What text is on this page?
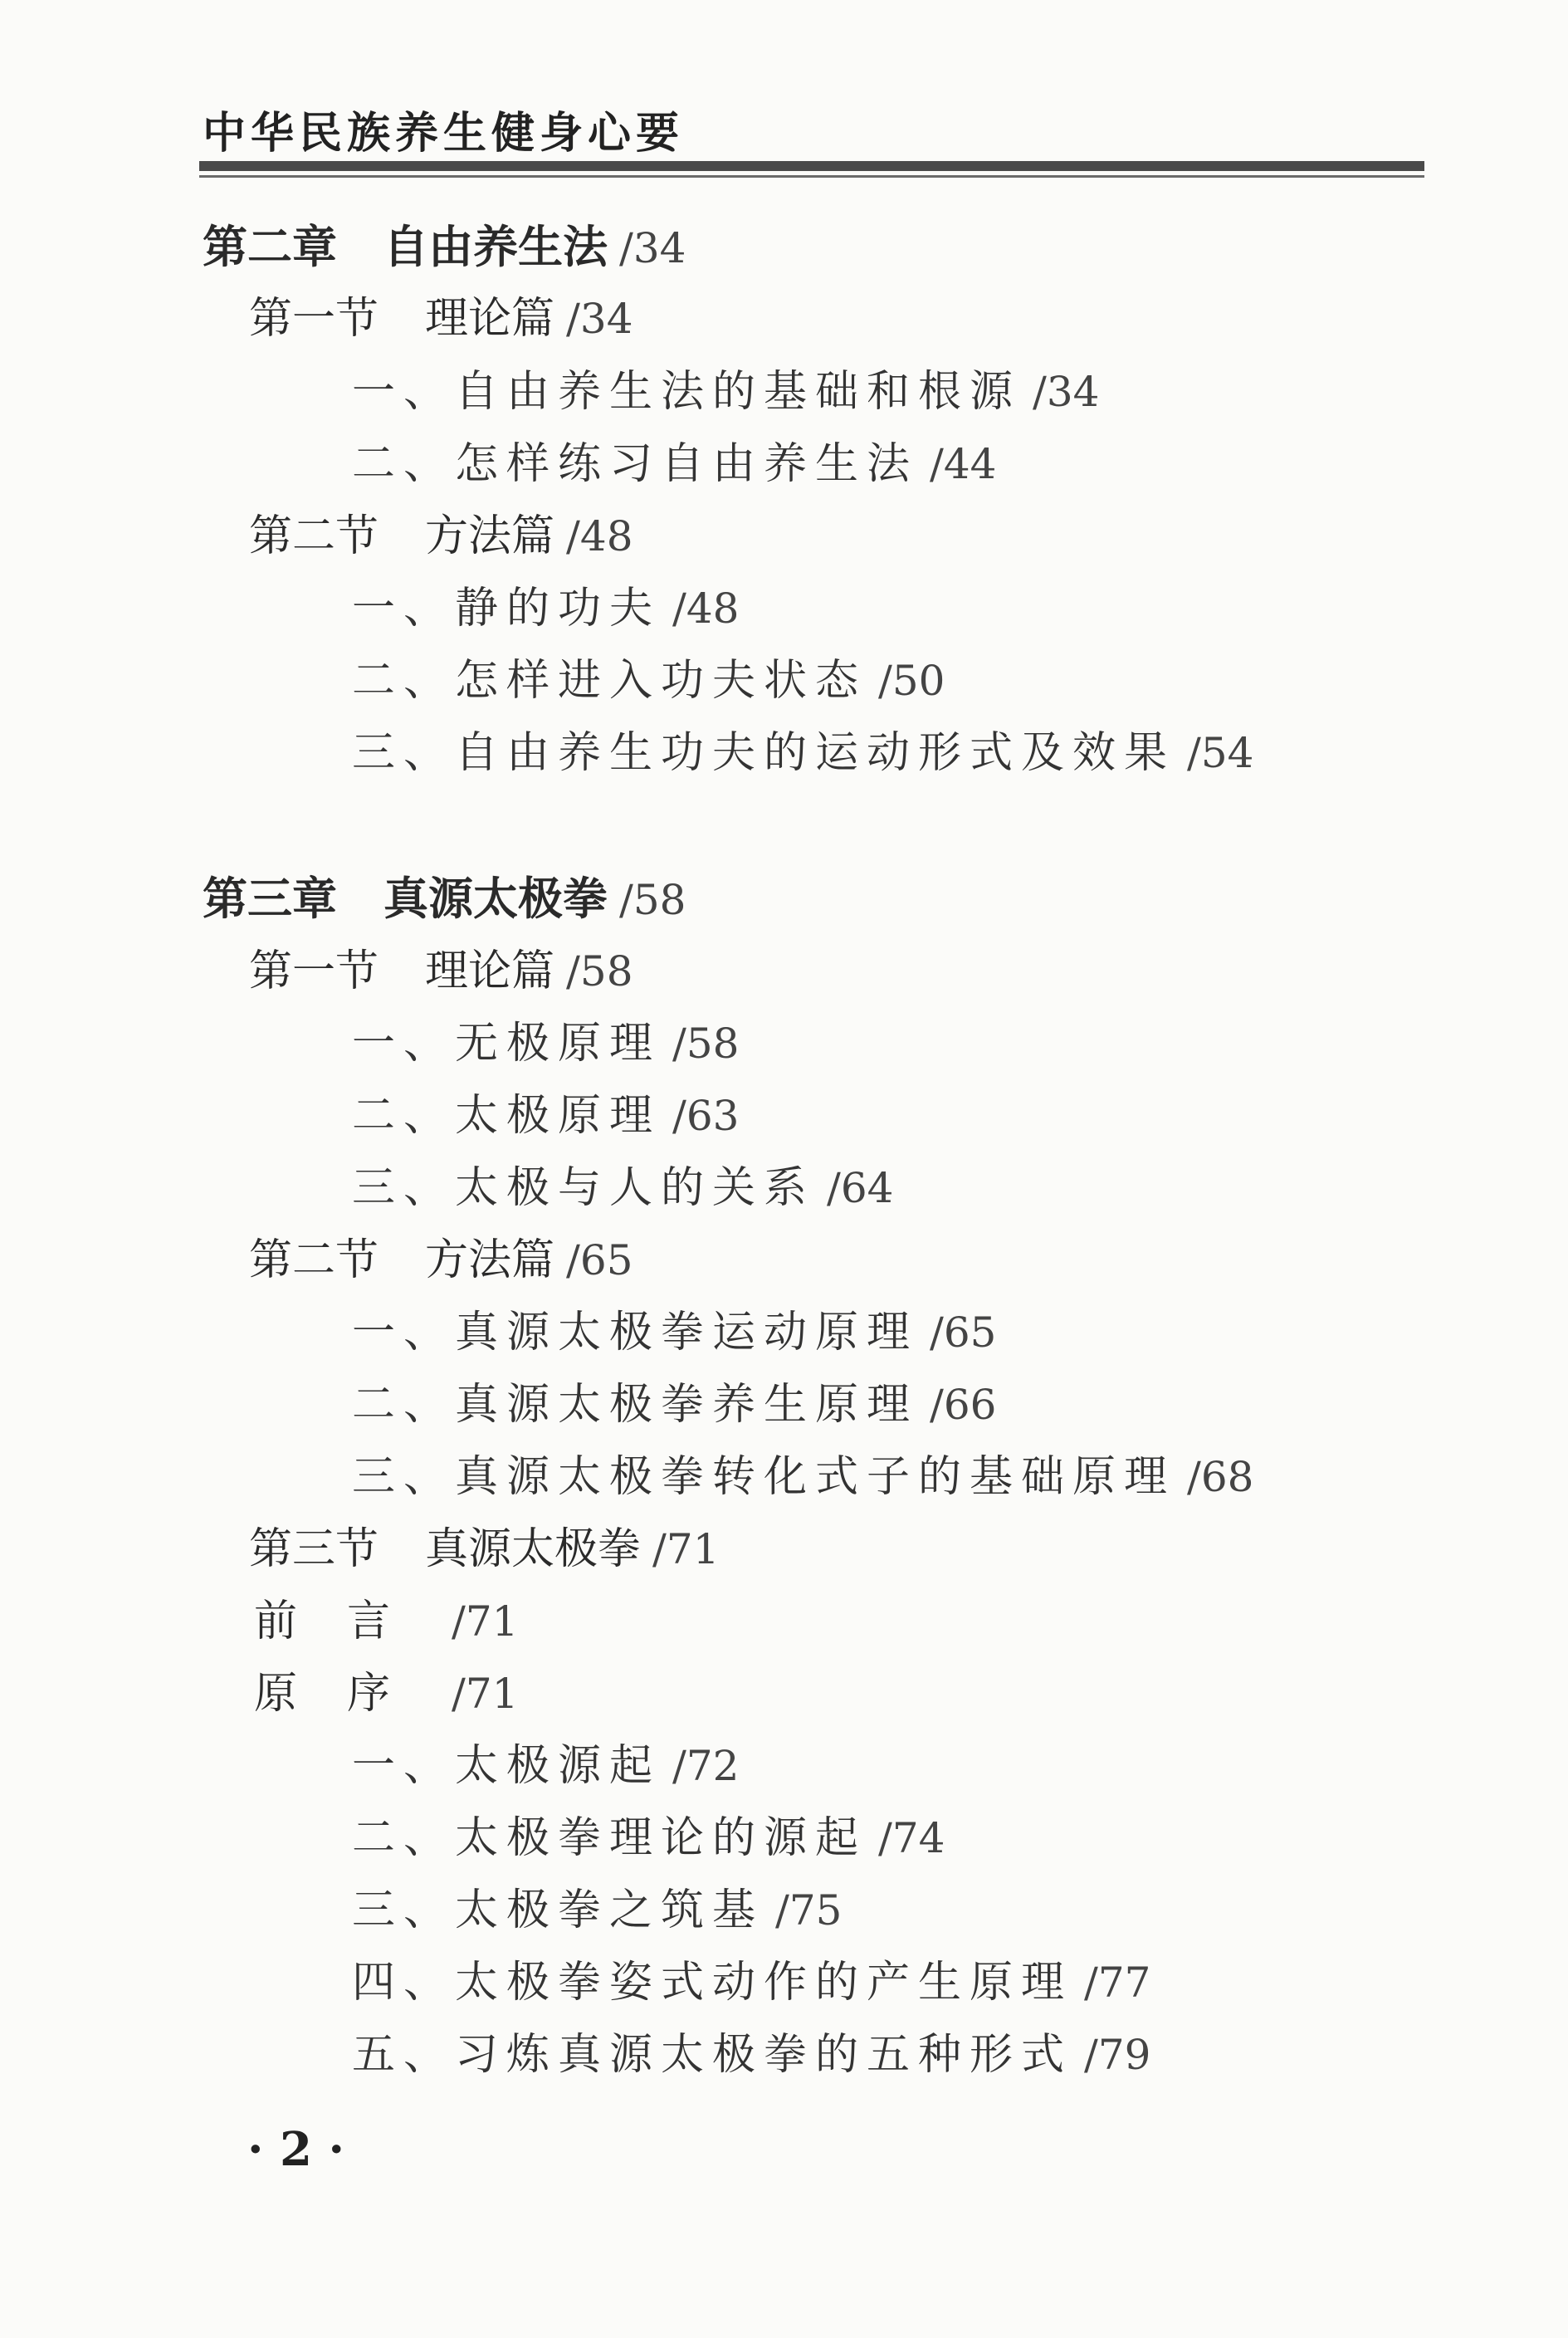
中华民族养生健身心要
第二章 自由养生法 /34
第一节 理论篇 /34
一、自由养生法的基础和根源 /34
二、怎样练习自由养生法 /44
第二节 方法篇 /48
一、静的功夫 /48
二、怎样进入功夫状态 /50
三、自由养生功夫的运动形式及效果 /54
第三章 真源太极拳 /58
第一节 理论篇 /58
一、无极原理 /58
二、太极原理 /63
三、太极与人的关系 /64
第二节 方法篇 /65
一、真源太极拳运动原理 /65
二、真源太极拳养生原理 /66
三、真源太极拳转化式子的基础原理 /68
第三节 真源太极拳 /71
前言 /71
原序 /71
一、太极源起 /72
二、太极拳理论的源起 /74
三、太极拳之筑基 /75
四、太极拳姿式动作的产生原理 /77
五、习炼真源太极拳的五种形式 /79
· 2 ·
